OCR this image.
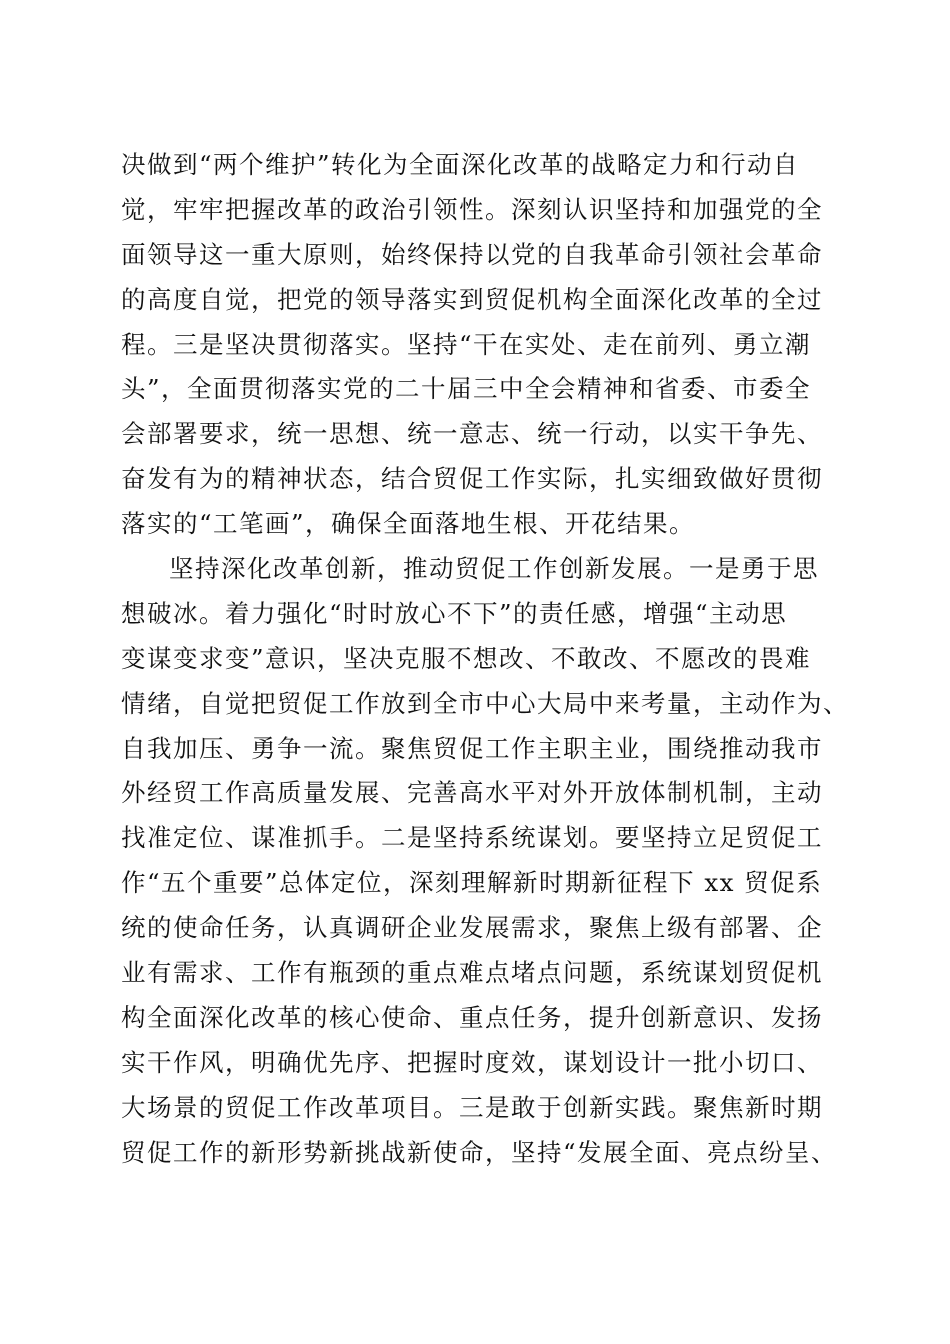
决做到“两个维护”转化为全面深化改革的战略定力和行动自
觉，牢牢把握改革的政治引领性。深刻认识坚持和加强党的全
面领导这一重大原则，始终保持以党的自我革命引领社会革命
的高度自觉，把党的领导落实到贸促机构全面深化改革的全过
程。三是坚决贯彻落实。坚持“干在实处、走在前列、勇立潮
头”，全面贯彻落实党的二十届三中全会精神和省委、市委全
会部署要求，统一思想、统一意志、统一行动，以实干争先、
奋发有为的精神状态，结合贸促工作实际，扎实细致做好贯彻
落实的“工笔画”，确保全面落地生根、开花结果。
坚持深化改革创新，推动贸促工作创新发展。一是勇于思
想破冰。着力强化“时时放心不下”的责任感，增强“主动思
变谋变求变”意识，坚决克服不想改、不敢改、不愿改的畏难
情绪，自觉把贸促工作放到全市中心大局中来考量，主动作为、
自我加压、勇争一流。聚焦贸促工作主职主业，围绕推动我市
外经贸工作高质量发展、完善高水平对外开放体制机制，主动
找准定位、谋准抓手。二是坚持系统谋划。要坚持立足贸促工
作“五个重要”总体定位，深刻理解新时期新征程下 xx 贸促系
统的使命任务，认真调研企业发展需求，聚焦上级有部署、企
业有需求、工作有瓶颈的重点难点堵点问题，系统谋划贸促机
构全面深化改革的核心使命、重点任务，提升创新意识、发扬
实干作风，明确优先序、把握时度效，谋划设计一批小切口、
大场景的贸促工作改革项目。三是敢于创新实践。聚焦新时期
贸促工作的新形势新挑战新使命，坚持“发展全面、亮点纷呈、
